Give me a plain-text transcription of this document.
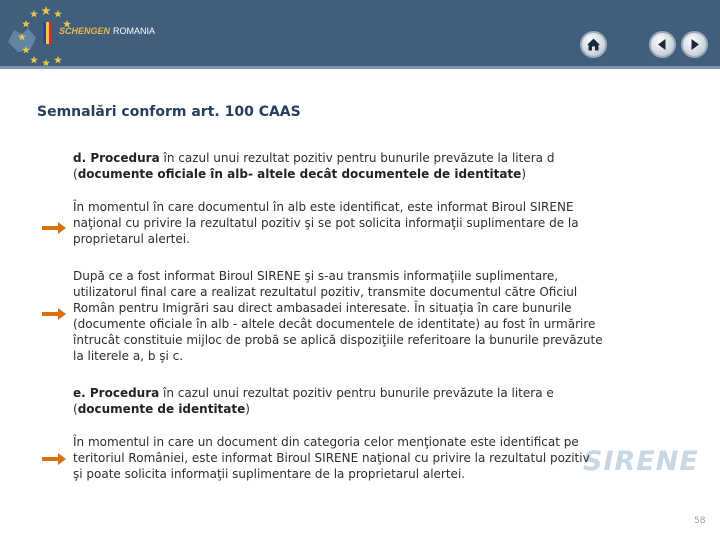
SCHENGEN ROMANIA
Semnalări conform art. 100 CAAS
d. Procedura în cazul unui rezultat pozitiv pentru bunurile prevăzute la litera d
(documente oficiale în alb- altele decât documentele de identitate)
În momentul în care documentul în alb este identificat, este informat Biroul SIRENE
naţional cu privire la rezultatul pozitiv şi se pot solicita informaţii suplimentare de la
proprietarul alertei.
După ce a fost informat Biroul SIRENE şi s-au transmis informaţiile suplimentare,
utilizatorul final care a realizat rezultatul pozitiv, transmite documentul către Oficiul
Român pentru Imigrări sau direct ambasadei interesate. În situaţia în care bunurile
(documente oficiale în alb - altele decât documentele de identitate) au fost în urmărire
întrucât constituie mijloc de probă se aplică dispoziţiile referitoare la bunurile prevăzute
la literele a, b şi c.
e. Procedura în cazul unui rezultat pozitiv pentru bunurile prevăzute la litera e
(documente de identitate)
SIRENE
În momentul in care un document din categoria celor menţionate este identificat pe
teritoriul României, este informat Biroul SIRENE naţional cu privire la rezultatul pozitiv
şi poate solicita informaţii suplimentare de la proprietarul alertei.
58
